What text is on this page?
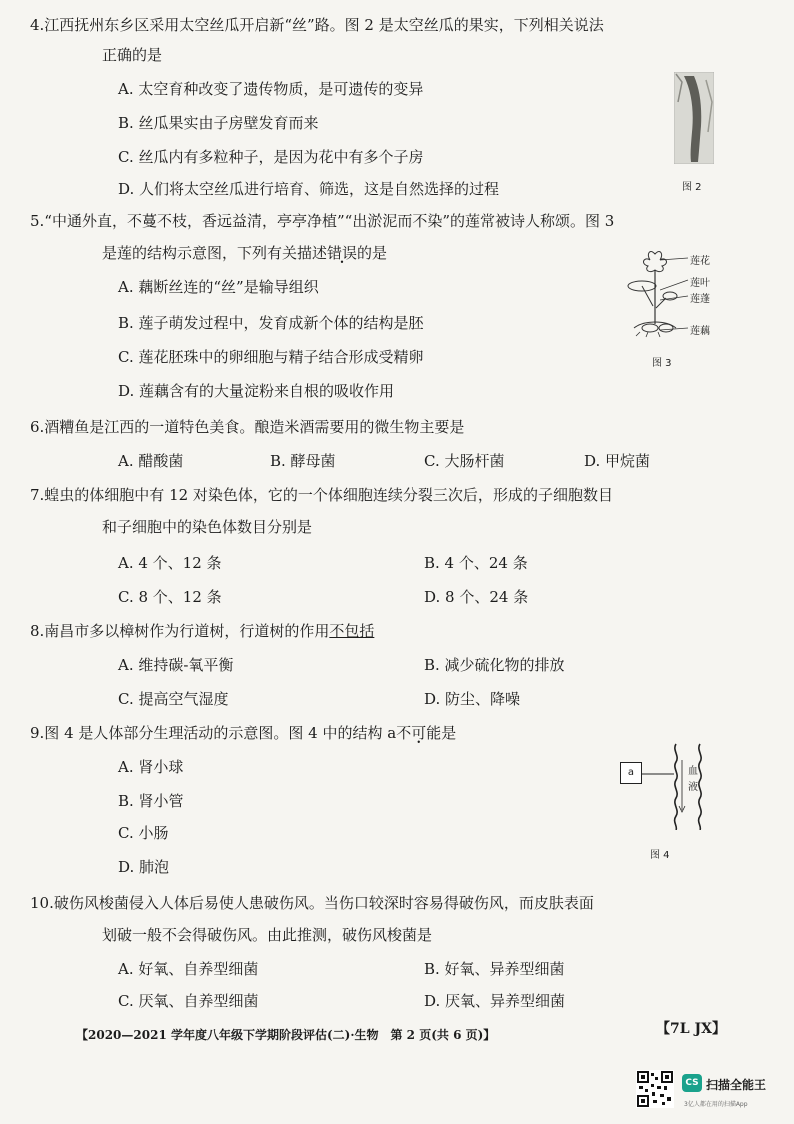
4.江西抚州东乡区采用太空丝瓜开启新“丝”路。图 2 是太空丝瓜的果实，下列相关说法
正确的是
A. 太空育种改变了遗传物质，是可遗传的变异
B. 丝瓜果实由子房壁发育而来
C. 丝瓜内有多粒种子，是因为花中有多个子房
D. 人们将太空丝瓜进行培育、筛选，这是自然选择的过程	图 2
5.“中通外直，不蔓不枝，香远益清，亭亭净植”“出淤泥而不染”的莲常被诗人称颂。图 3
是莲的结构示意图，下列有关描述错误的是
A. 藕断丝连的“丝”是输导组织
B. 莲子萌发过程中，发育成新个体的结构是胚
C. 莲花胚珠中的卵细胞与精子结合形成受精卵
D. 莲藕含有的大量淀粉来自根的吸收作用
莲花
莲叶
莲蓬
莲藕
图 3
6.酒糟鱼是江西的一道特色美食。酿造米酒需要用的微生物主要是
A. 醋酸菌	B. 酵母菌	C. 大肠杆菌	D. 甲烷菌
7.蝗虫的体细胞中有 12 对染色体，它的一个体细胞连续分裂三次后，形成的子细胞数目
和子细胞中的染色体数目分别是
A. 4 个、12 条	B. 4 个、24 条
C. 8 个、12 条	D. 8 个、24 条
8.南昌市多以樟树作为行道树，行道树的作用不包括
A. 维持碳-氧平衡	B. 减少硫化物的排放
C. 提高空气湿度	D. 防尘、降噪
9.图 4 是人体部分生理活动的示意图。图 4 中的结构 a不可能是
A. 肾小球
B. 肾小管
C. 小肠
D. 肺泡
a	血
液
图 4
10.破伤风梭菌侵入人体后易使人患破伤风。当伤口较深时容易得破伤风，而皮肤表面
划破一般不会得破伤风。由此推测，破伤风梭菌是
A. 好氧、自养型细菌	B. 好氧、异养型细菌
C. 厌氧、自养型细菌	D. 厌氧、异养型细菌
【2020—2021 学年度八年级下学期阶段评估(二)·生物　第 2 页(共 6 页)】	【7L JX】
CS 扫描全能王
3亿人都在用的扫描App
